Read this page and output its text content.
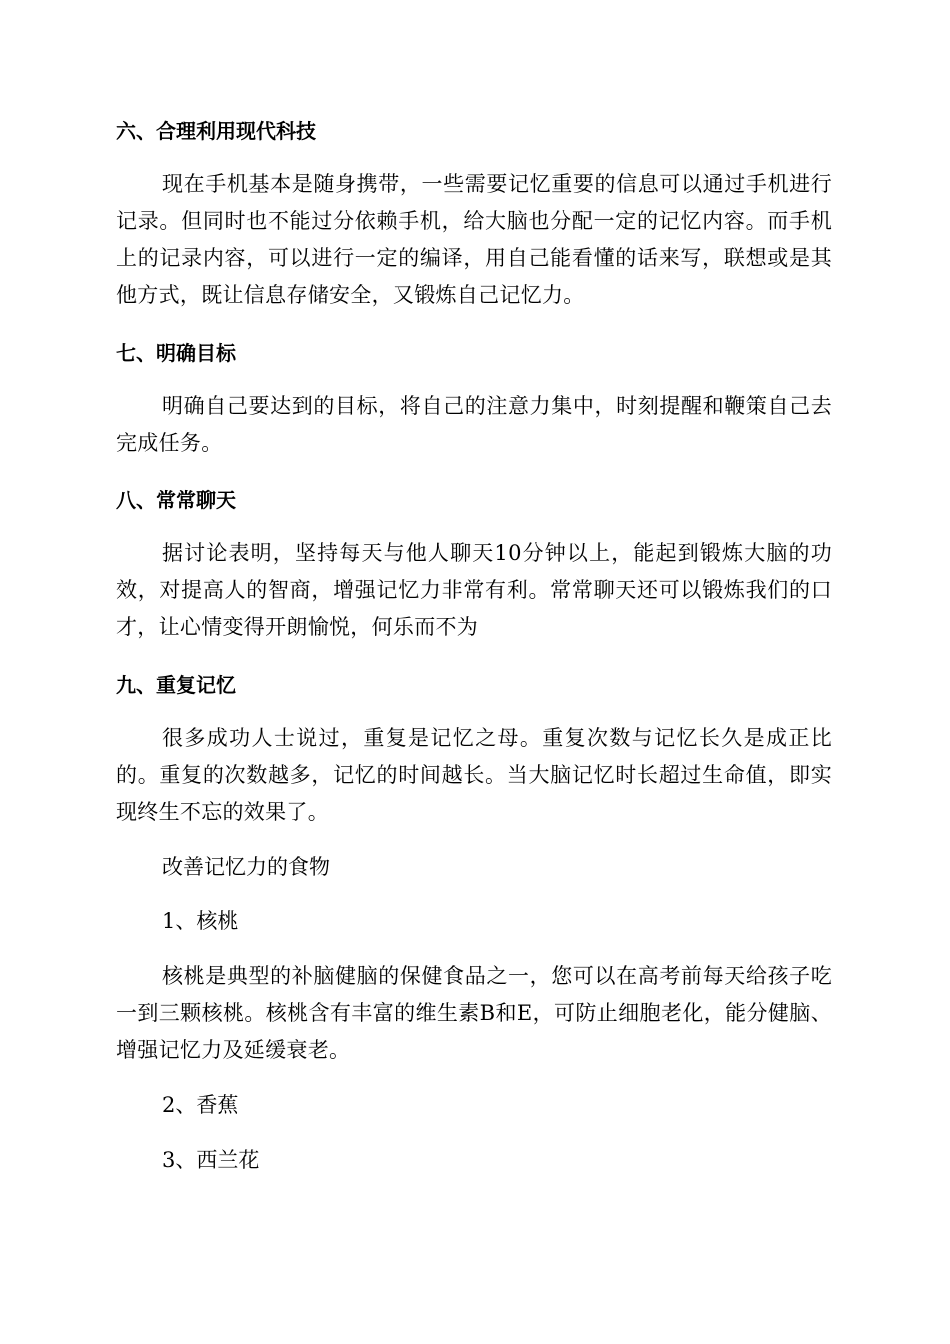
六、合理利用现代科技
现在手机基本是随身携带，一些需要记忆重要的信息可以通过手机进行记录。但同时也不能过分依赖手机，给大脑也分配一定的记忆内容。而手机上的记录内容，可以进行一定的编译，用自己能看懂的话来写，联想或是其他方式，既让信息存储安全，又锻炼自己记忆力。
七、明确目标
明确自己要达到的目标，将自己的注意力集中，时刻提醒和鞭策自己去完成任务。
八、常常聊天
据讨论表明，坚持每天与他人聊天10分钟以上，能起到锻炼大脑的功效，对提高人的智商，增强记忆力非常有利。常常聊天还可以锻炼我们的口才，让心情变得开朗愉悦，何乐而不为
九、重复记忆
很多成功人士说过，重复是记忆之母。重复次数与记忆长久是成正比的。重复的次数越多，记忆的时间越长。当大脑记忆时长超过生命值，即实现终生不忘的效果了。
改善记忆力的食物
1、核桃
核桃是典型的补脑健脑的保健食品之一，您可以在高考前每天给孩子吃一到三颗核桃。核桃含有丰富的维生素B和E，可防止细胞老化，能分健脑、增强记忆力及延缓衰老。
2、香蕉
3、西兰花
